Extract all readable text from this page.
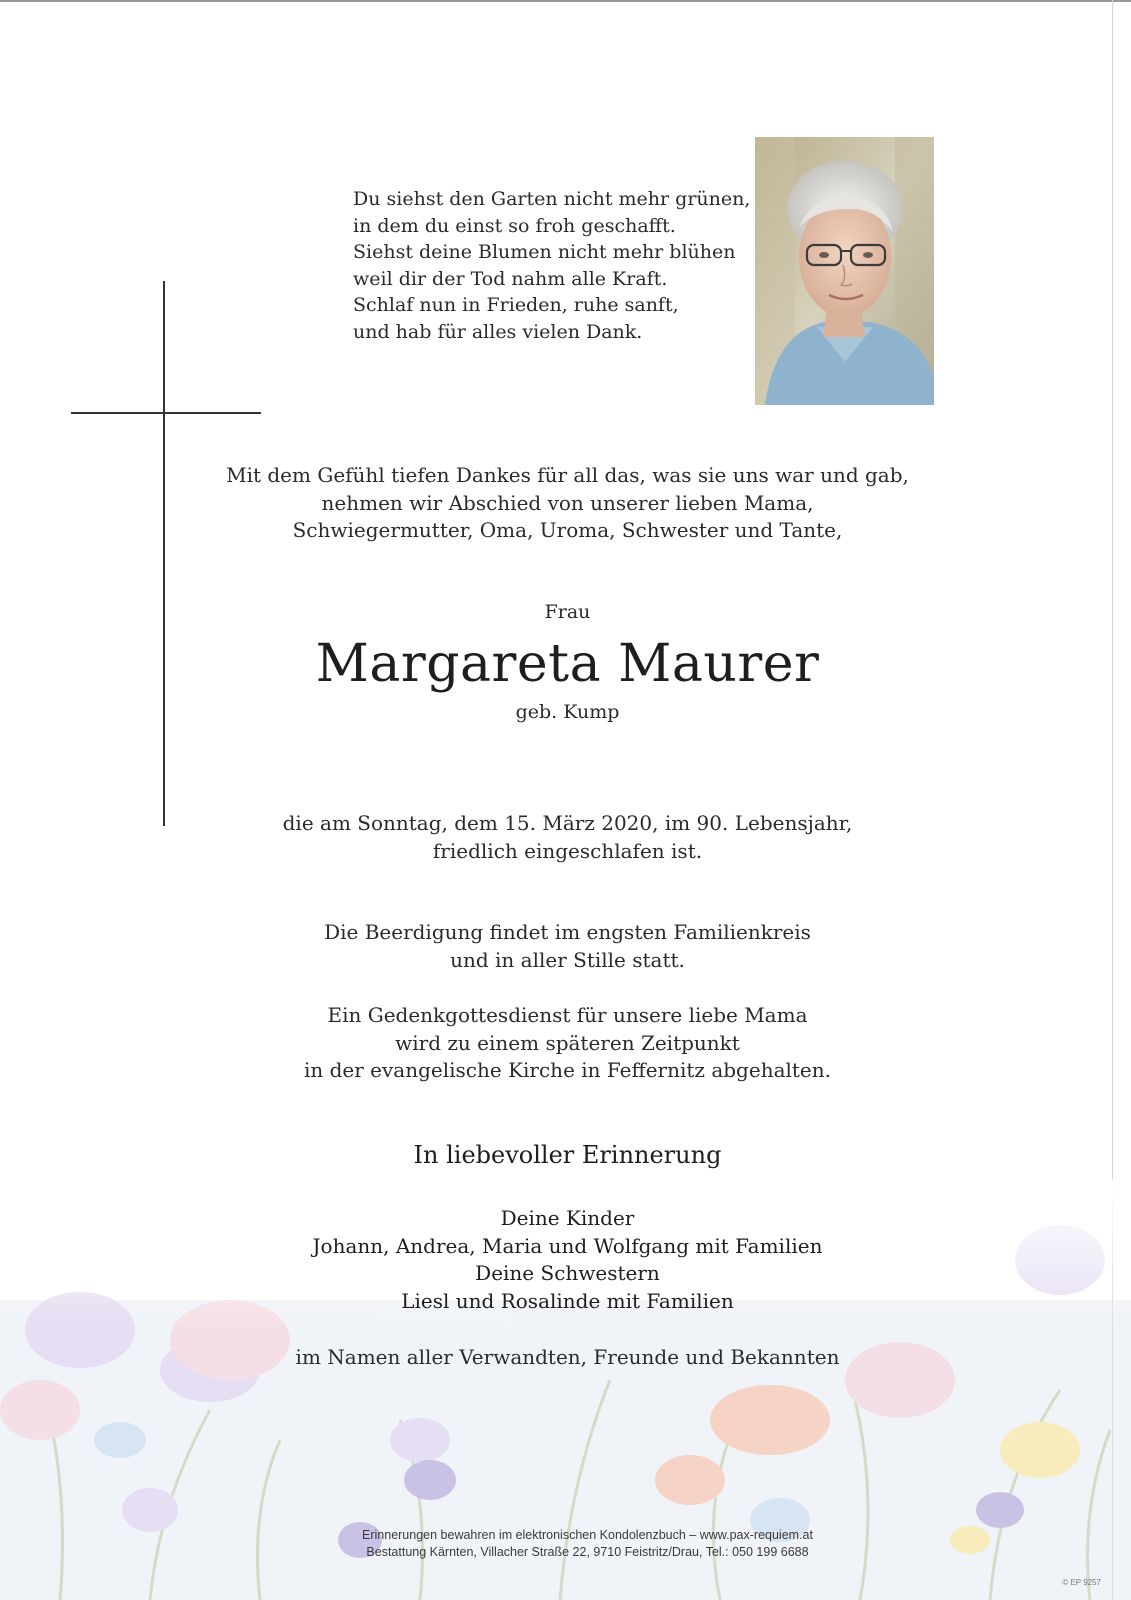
Du siehst den Garten nicht mehr grünen,
in dem du einst so froh geschafft.
Siehst deine Blumen nicht mehr blühen
weil dir der Tod nahm alle Kraft.
Schlaf nun in Frieden, ruhe sanft,
und hab für alles vielen Dank.
Mit dem Gefühl tiefen Dankes für all das, was sie uns war und gab,
nehmen wir Abschied von unserer lieben Mama,
Schwiegermutter, Oma, Uroma, Schwester und Tante,
Frau
Margareta Maurer
geb. Kump
die am Sonntag, dem 15. März 2020, im 90. Lebensjahr,
friedlich eingeschlafen ist.
Die Beerdigung findet im engsten Familienkreis
und in aller Stille statt.
Ein Gedenkgottesdienst für unsere liebe Mama
wird zu einem späteren Zeitpunkt
in der evangelische Kirche in Feffernitz abgehalten.
In liebevoller Erinnerung
Deine Kinder
Johann, Andrea, Maria und Wolfgang mit Familien
Deine Schwestern
Liesl und Rosalinde mit Familien
im Namen aller Verwandten, Freunde und Bekannten
Erinnerungen bewahren im elektronischen Kondolenzbuch – www.pax-requiem.at
Bestattung Kärnten, Villacher Straße 22, 9710 Feistritz/Drau, Tel.: 050 199 6688
© EP 9257
